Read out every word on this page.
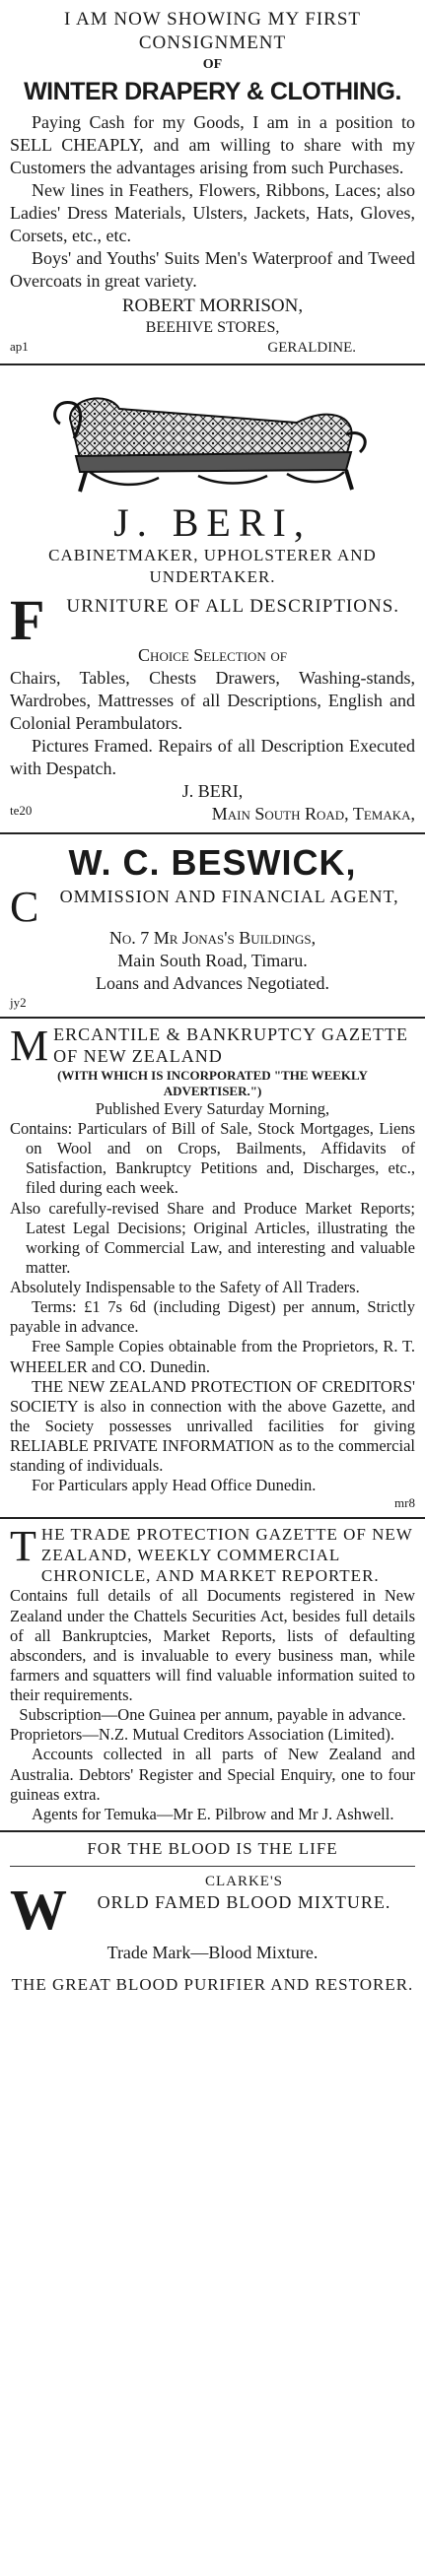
I AM NOW SHOWING MY FIRST
CONSIGNMENT
OF
WINTER DRAPERY & CLOTHING.

Paying Cash for my Goods, I am in a position to SELL CHEAPLY, and am willing to share with my Customers the advantages arising from such Purchases.

New lines in Feathers, Flowers, Ribbons, Laces; also Ladies' Dress Materials, Ulsters, Jackets, Hats, Gloves, Corsets, etc., etc.

Boys' and Youths' Suits Men's Waterproof and Tweed Overcoats in great variety.

ROBERT MORRISON,
BEEHIVE STORES,
ap1	GERALDINE.
J. BERI,
CABINETMAKER, UPHOLSTERER AND UNDERTAKER.
F	URNITURE OF ALL DESCRIPTIONS.
Choice Selection of

Chairs, Tables, Chests Drawers, Washing-stands, Wardrobes, Mattresses of all Descriptions, English and Colonial Perambulators.

Pictures Framed. Repairs of all Description Executed with Despatch.

J. BERI,
te20	Main South Road, Temaka,
W. C. BESWICK,
C	OMMISSION AND FINANCIAL AGENT,
No. 7 Mr Jonas's Buildings,
Main South Road, Timaru.
Loans and Advances Negotiated.
jy2
M ERCANTILE & BANKRUPTCY GAZETTE OF NEW ZEALAND
(WITH WHICH IS INCORPORATED "THE WEEKLY ADVERTISER.")
Published Every Saturday Morning,

Contains: Particulars of Bill of Sale, Stock Mortgages, Liens on Wool and on Crops, Bailments, Affidavits of Satisfaction, Bankruptcy Petitions and, Discharges, etc., filed during each week.

Also carefully-revised Share and Produce Market Reports; Latest Legal Decisions; Original Articles, illustrating the working of Commercial Law, and interesting and valuable matter.

Absolutely Indispensable to the Safety of All Traders.

Terms: £1 7s 6d (including Digest) per annum, Strictly payable in advance.

Free Sample Copies obtainable from the Proprietors, R. T. WHEELER and CO. Dunedin.

THE NEW ZEALAND PROTECTION OF CREDITORS' SOCIETY is also in connection with the above Gazette, and the Society possesses unrivalled facilities for giving RELIABLE PRIVATE INFORMATION as to the commercial standing of individuals.

For Particulars apply Head Office Dunedin.

mr8
T HE TRADE PROTECTION GAZETTE OF NEW ZEALAND, WEEKLY COMMERCIAL CHRONICLE, AND MARKET REPORTER.

Contains full details of all Documents registered in New Zealand under the Chattels Securities Act, besides full details of all Bankruptcies, Market Reports, lists of defaulting absconders, and is invaluable to every business man, while farmers and squatters will find valuable information suited to their requirements.

Subscription—One Guinea per annum, payable in advance.

Proprietors—N.Z. Mutual Creditors Association (Limited).

Accounts collected in all parts of New Zealand and Australia. Debtors' Register and Special Enquiry, one to four guineas extra.

Agents for Temuka—Mr E. Pilbrow and Mr J. Ashwell.

FOR THE BLOOD IS THE LIFE
W	CLARKE'S
ORLD FAMED BLOOD MIXTURE.
Trade Mark—Blood Mixture.
THE GREAT BLOOD PURIFIER AND RESTORER.
